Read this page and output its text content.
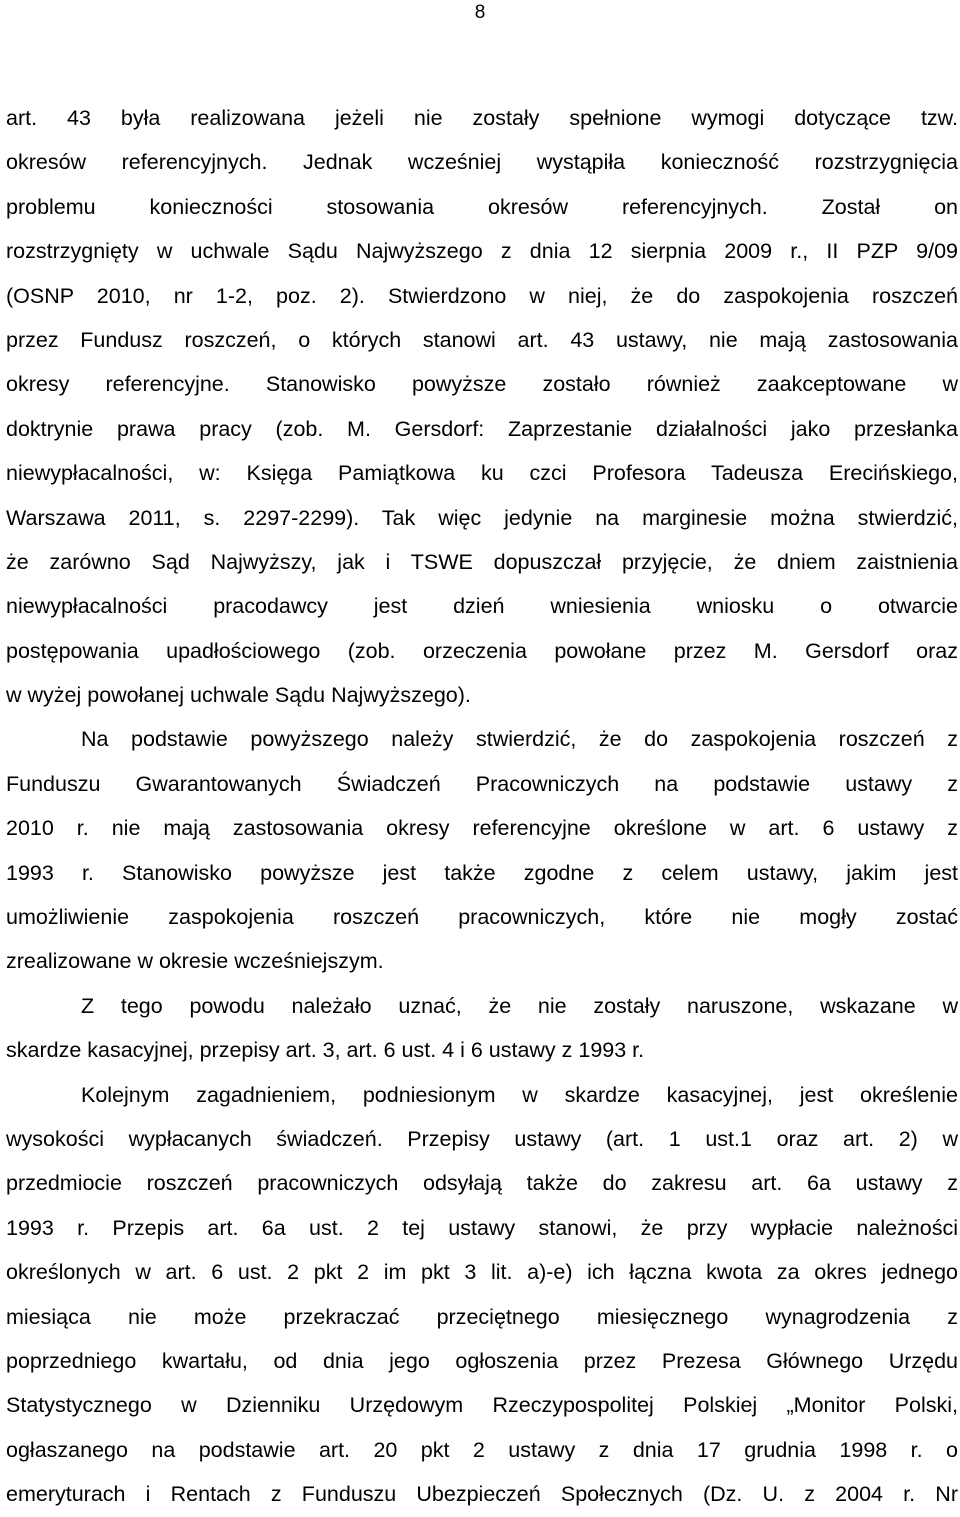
8
art. 43 była realizowana jeżeli nie zostały spełnione wymogi dotyczące tzw.
okresów referencyjnych. Jednak wcześniej wystąpiła konieczność rozstrzygnięcia
problemu konieczności stosowania okresów referencyjnych. Został on
rozstrzygnięty w uchwale Sądu Najwyższego z dnia 12 sierpnia 2009 r., II PZP 9/09
(OSNP 2010, nr 1-2, poz. 2). Stwierdzono w niej, że do zaspokojenia roszczeń
przez Fundusz roszczeń, o których stanowi art. 43 ustawy, nie mają zastosowania
okresy referencyjne. Stanowisko powyższe zostało również zaakceptowane w
doktrynie prawa pracy (zob. M. Gersdorf: Zaprzestanie działalności jako przesłanka
niewypłacalności, w: Księga Pamiątkowa ku czci Profesora Tadeusza Erecińskiego,
Warszawa 2011, s. 2297-2299). Tak więc jedynie na marginesie można stwierdzić,
że zarówno Sąd Najwyższy, jak i TSWE dopuszczał przyjęcie, że dniem zaistnienia
niewypłacalności pracodawcy jest dzień wniesienia wniosku o otwarcie
postępowania upadłościowego (zob. orzeczenia powołane przez M. Gersdorf oraz
w wyżej powołanej uchwale Sądu Najwyższego).
Na podstawie powyższego należy stwierdzić, że do zaspokojenia roszczeń z
Funduszu Gwarantowanych Świadczeń Pracowniczych na podstawie ustawy z
2010 r. nie mają zastosowania okresy referencyjne określone w art. 6 ustawy z
1993 r. Stanowisko powyższe jest także zgodne z celem ustawy, jakim jest
umożliwienie zaspokojenia roszczeń pracowniczych, które nie mogły zostać
zrealizowane w okresie wcześniejszym.
Z tego powodu należało uznać, że nie zostały naruszone, wskazane w
skardze kasacyjnej, przepisy art. 3, art. 6 ust. 4 i 6 ustawy z 1993 r.
Kolejnym zagadnieniem, podniesionym w skardze kasacyjnej, jest określenie
wysokości wypłacanych świadczeń. Przepisy ustawy (art. 1 ust.1 oraz art. 2) w
przedmiocie roszczeń pracowniczych odsyłają także do zakresu art. 6a ustawy z
1993 r. Przepis art. 6a ust. 2 tej ustawy stanowi, że przy wypłacie należności
określonych w art. 6 ust. 2 pkt 2 im pkt 3 lit. a)-e) ich łączna kwota za okres jednego
miesiąca nie może przekraczać przeciętnego miesięcznego wynagrodzenia z
poprzedniego kwartału, od dnia jego ogłoszenia przez Prezesa Głównego Urzędu
Statystycznego w Dzienniku Urzędowym Rzeczypospolitej Polskiej „Monitor Polski,
ogłaszanego na podstawie art. 20 pkt 2 ustawy z dnia 17 grudnia 1998 r. o
emeryturach i Rentach z Funduszu Ubezpieczeń Społecznych (Dz. U. z 2004 r. Nr
